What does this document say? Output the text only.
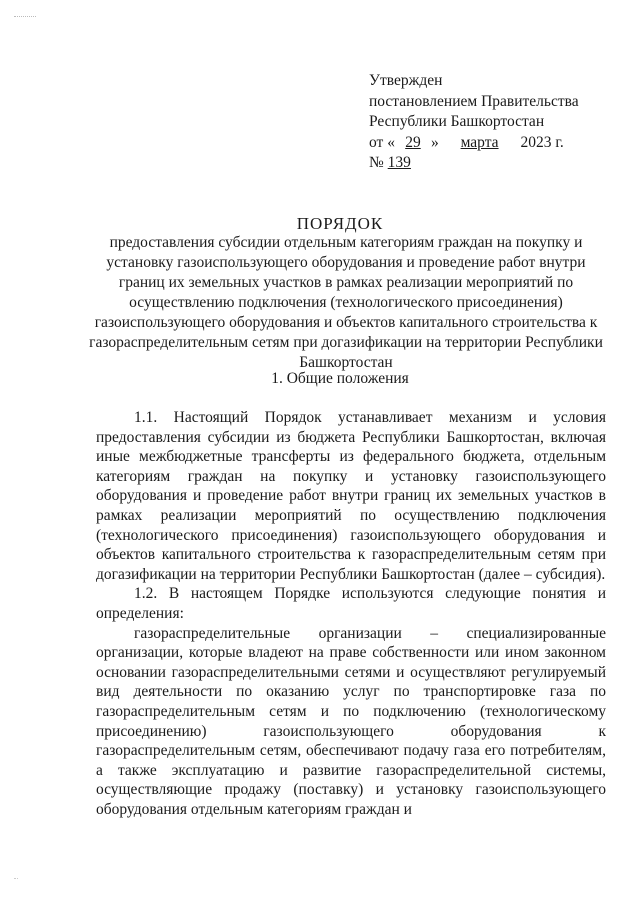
Утвержден
постановлением Правительства
Республики Башкортостан
от « 29 » марта 2023 г.
№ 139
ПОРЯДОК
предоставления субсидии отдельным категориям граждан на покупку и установку газоиспользующего оборудования и проведение работ внутри границ их земельных участков в рамках реализации мероприятий по осуществлению подключения (технологического присоединения) газоиспользующего оборудования и объектов капитального строительства к газораспределительным сетям при догазификации на территории Республики Башкортостан
1. Общие положения

1.1. Настоящий Порядок устанавливает механизм и условия предоставления субсидии из бюджета Республики Башкортостан, включая иные межбюджетные трансферты из федерального бюджета, отдельным категориям граждан на покупку и установку газоиспользующего оборудования и проведение работ внутри границ их земельных участков в рамках реализации мероприятий по осуществлению подключения (технологического присоединения) газоиспользующего оборудования и объектов капитального строительства к газораспределительным сетям при догазификации на территории Республики Башкортостан (далее – субсидия).

1.2. В настоящем Порядке используются следующие понятия и определения:

газораспределительные организации – специализированные организации, которые владеют на праве собственности или ином законном основании газораспределительными сетями и осуществляют регулируемый вид деятельности по оказанию услуг по транспортировке газа по газораспределительным сетям и по подключению (технологическому присоединению) газоиспользующего оборудования к газораспределительным сетям, обеспечивают подачу газа его потребителям, а также эксплуатацию и развитие газораспределительной системы, осуществляющие продажу (поставку) и установку газоиспользующего оборудования отдельным категориям граждан и
